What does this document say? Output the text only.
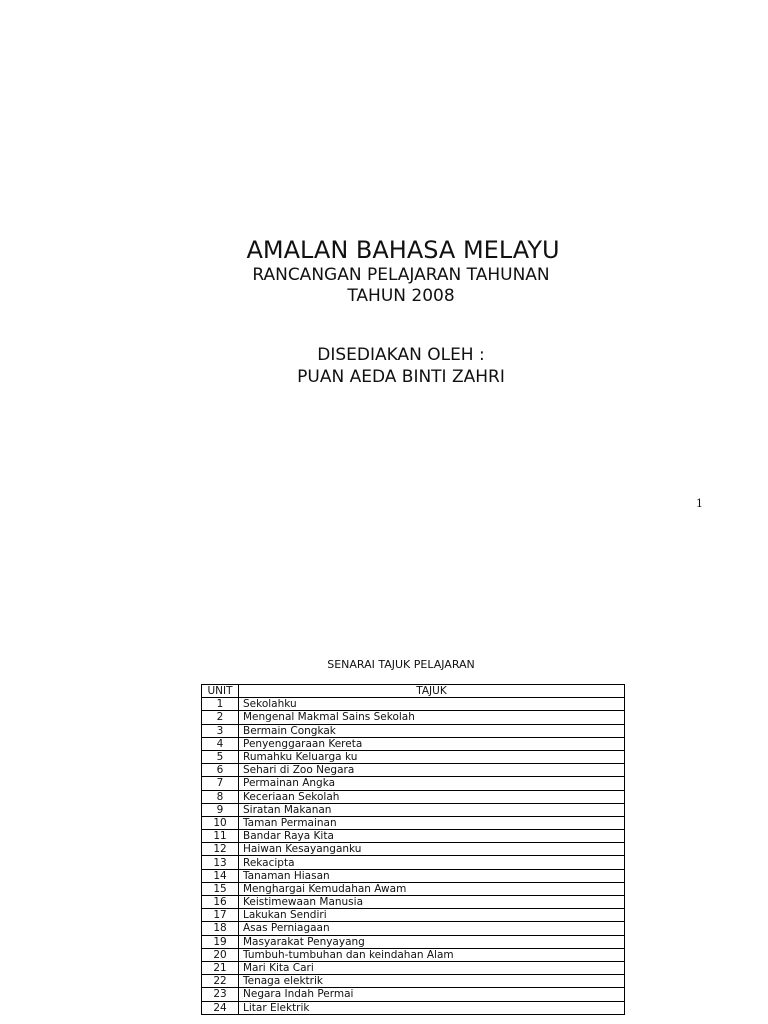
AMALAN BAHASA MELAYU

RANCANGAN PELAJARAN TAHUNAN

TAHUN 2008

DISEDIAKAN OLEH :

PUAN AEDA BINTI ZAHRI

1
SENARAI TAJUK PELAJARAN
UNIT	TAJUK
1	Sekolahku
2	Mengenal Makmal Sains Sekolah
3	Bermain Congkak
4	Penyenggaraan Kereta
5	Rumahku Keluarga ku
6	Sehari di Zoo Negara
7	Permainan Angka
8	Keceriaan Sekolah
9	Siratan Makanan
10	Taman Permainan
11	Bandar Raya Kita
12	Haiwan Kesayanganku
13	Rekacipta
14	Tanaman Hiasan
15	Menghargai Kemudahan Awam
16	Keistimewaan Manusia
17	Lakukan Sendiri
18	Asas Perniagaan
19	Masyarakat Penyayang
20	Tumbuh-tumbuhan dan keindahan Alam
21	Mari Kita Cari
22	Tenaga elektrik
23	Negara Indah Permai
24	Litar Elektrik
